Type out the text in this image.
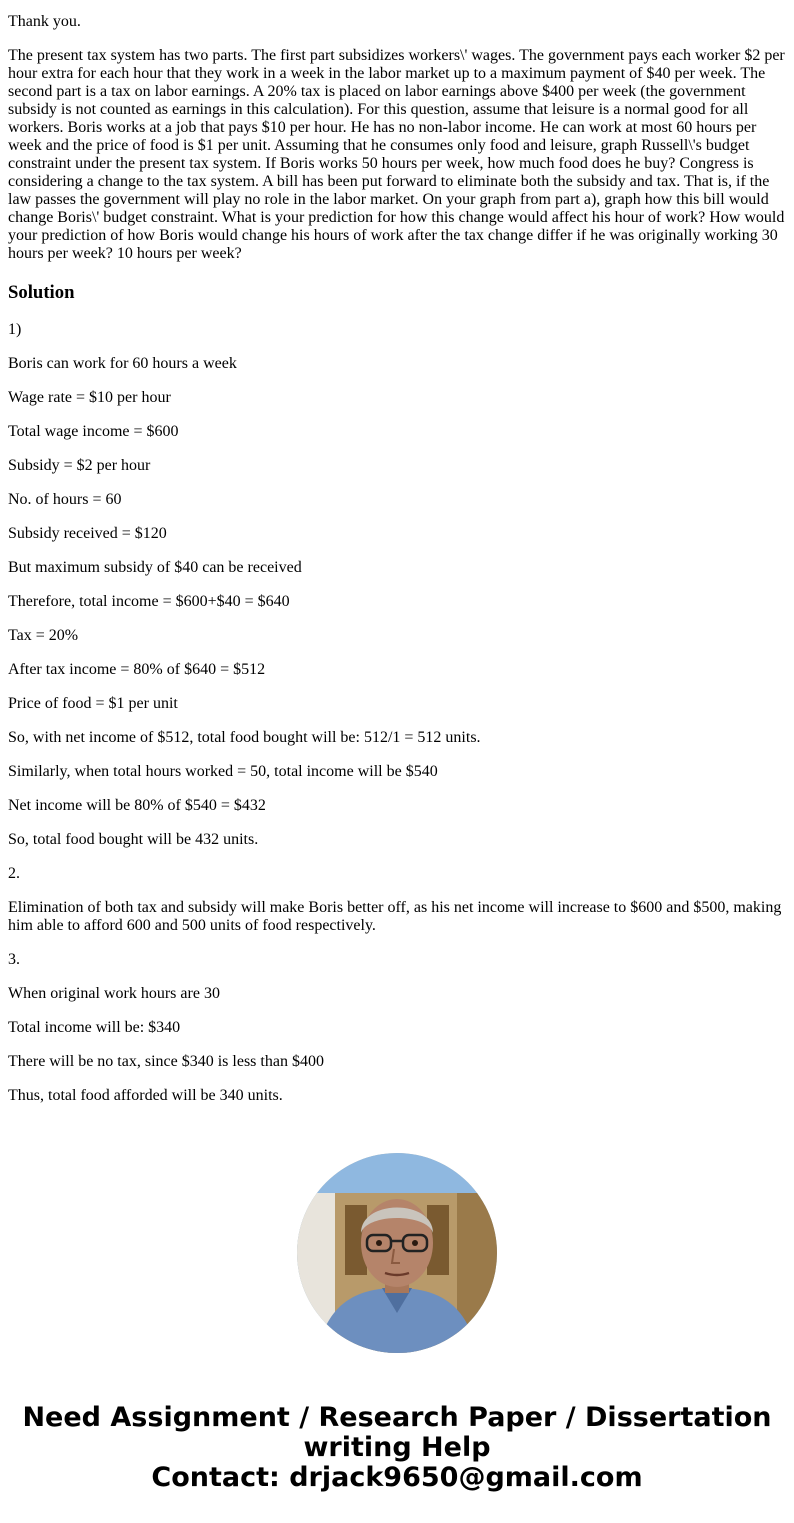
Thank you.

The present tax system has two parts. The first part subsidizes workers\' wages. The government pays each worker $2 per hour extra for each hour that they work in a week in the labor market up to a maximum payment of $40 per week. The second part is a tax on labor earnings. A 20% tax is placed on labor earnings above $400 per week (the government subsidy is not counted as earnings in this calculation). For this question, assume that leisure is a normal good for all workers. Boris works at a job that pays $10 per hour. He has no non-labor income. He can work at most 60 hours per week and the price of food is $1 per unit. Assuming that he consumes only food and leisure, graph Russell\'s budget constraint under the present tax system. If Boris works 50 hours per week, how much food does he buy? Congress is considering a change to the tax system. A bill has been put forward to eliminate both the subsidy and tax. That is, if the law passes the government will play no role in the labor market. On your graph from part a), graph how this bill would change Boris\' budget constraint. What is your prediction for how this change would affect his hour of work? How would your prediction of how Boris would change his hours of work after the tax change differ if he was originally working 30 hours per week? 10 hours per week?

Solution

1)

Boris can work for 60 hours a week

Wage rate = $10 per hour

Total wage income = $600

Subsidy = $2 per hour

No. of hours = 60

Subsidy received = $120

But maximum subsidy of $40 can be received

Therefore, total income = $600+$40 = $640

Tax = 20%

After tax income = 80% of $640 = $512

Price of food = $1 per unit

So, with net income of $512, total food bought will be: 512/1 = 512 units.

Similarly, when total hours worked = 50, total income will be $540

Net income will be 80% of $540 = $432

So, total food bought will be 432 units.

2.

Elimination of both tax and subsidy will make Boris better off, as his net income will increase to $600 and $500, making him able to afford 600 and 500 units of food respectively.

3.

When original work hours are 30

Total income will be: $340

There will be no tax, since $340 is less than $400

Thus, total food afforded will be 340 units.

Need Assignment / Research Paper / Dissertation
writing Help
Contact: drjack9650@gmail.com
